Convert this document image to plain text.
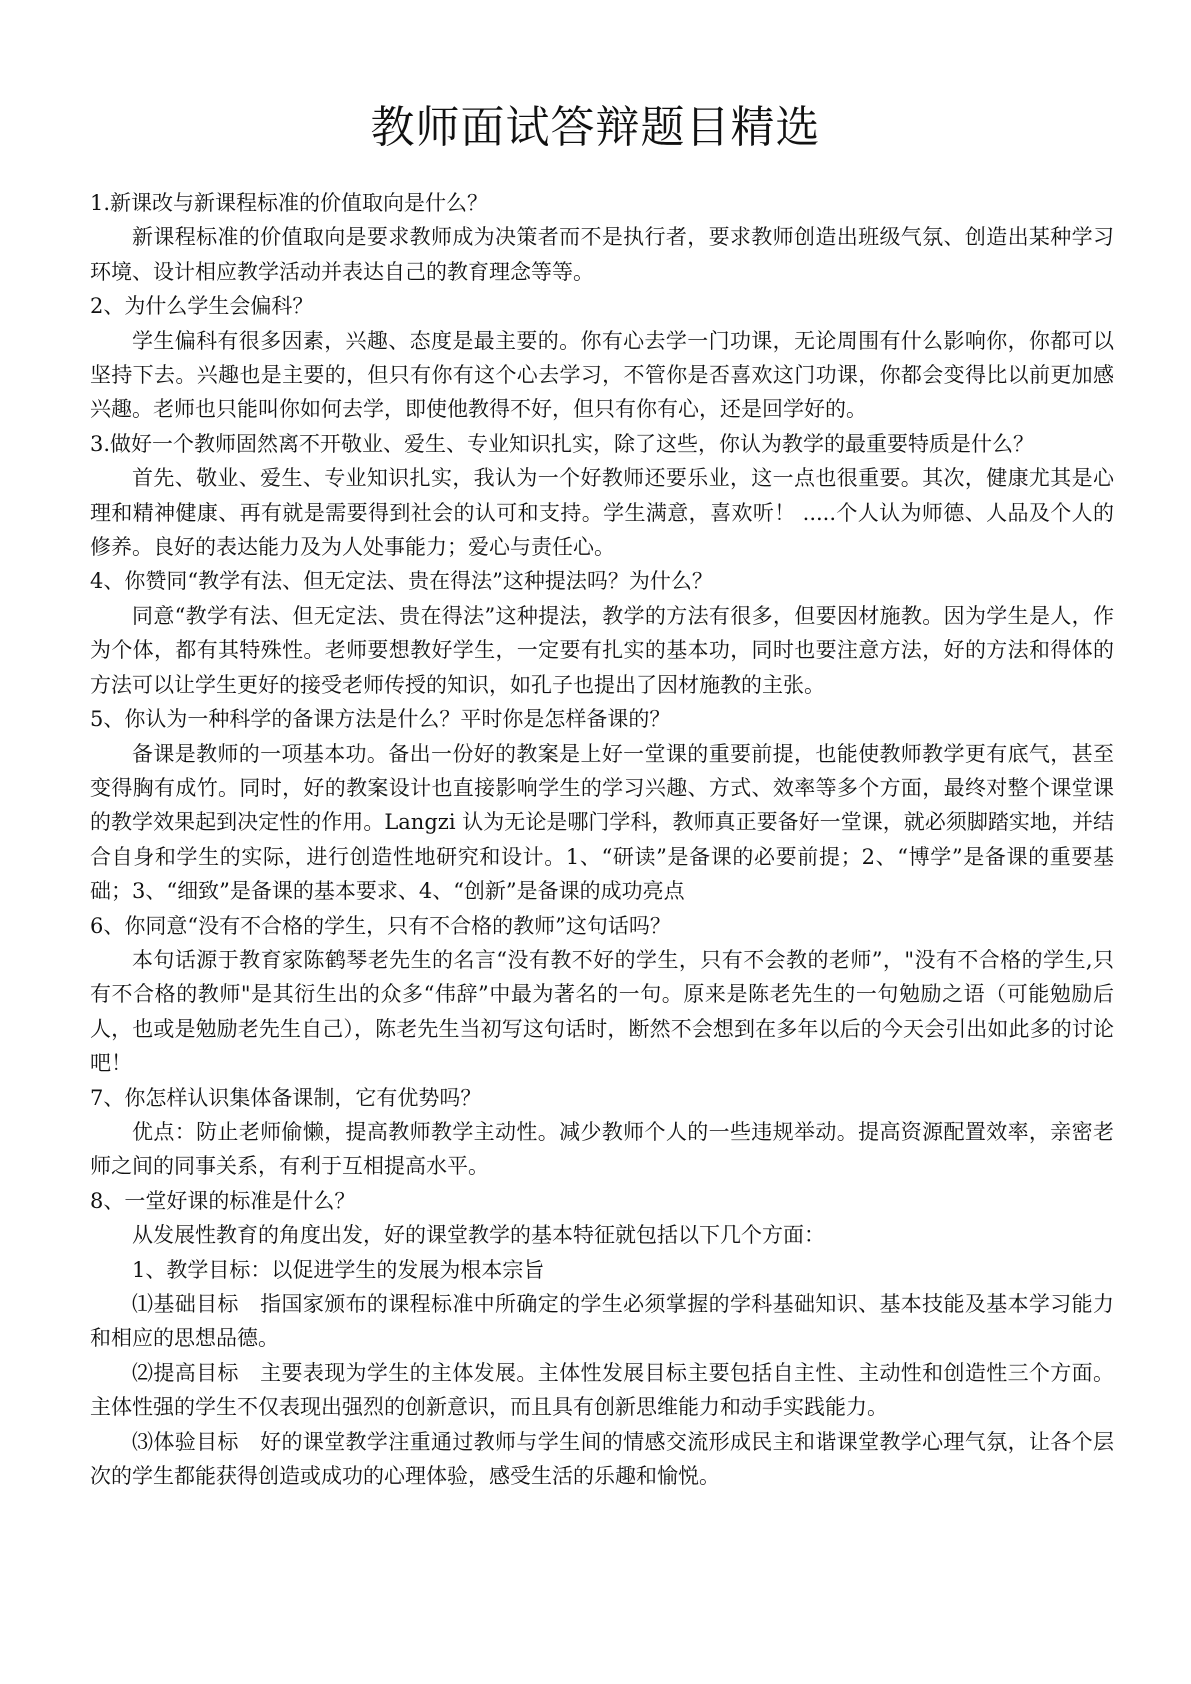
教师面试答辩题目精选

1.新课改与新课程标准的价值取向是什么？

新课程标准的价值取向是要求教师成为决策者而不是执行者，要求教师创造出班级气氛、创造出某种学习环境、设计相应教学活动并表达自己的教育理念等等。

2、为什么学生会偏科？

学生偏科有很多因素，兴趣、态度是最主要的。你有心去学一门功课，无论周围有什么影响你，你都可以坚持下去。兴趣也是主要的，但只有你有这个心去学习，不管你是否喜欢这门功课，你都会变得比以前更加感兴趣。老师也只能叫你如何去学，即使他教得不好，但只有你有心，还是回学好的。

3.做好一个教师固然离不开敬业、爱生、专业知识扎实，除了这些，你认为教学的最重要特质是什么？

首先、敬业、爱生、专业知识扎实，我认为一个好教师还要乐业，这一点也很重要。其次，健康尤其是心理和精神健康、再有就是需要得到社会的认可和支持。学生满意，喜欢听！ .....个人认为师德、人品及个人的修养。良好的表达能力及为人处事能力；爱心与责任心。

4、你赞同“教学有法、但无定法、贵在得法”这种提法吗？为什么？

同意“教学有法、但无定法、贵在得法”这种提法，教学的方法有很多，但要因材施教。因为学生是人，作为个体，都有其特殊性。老师要想教好学生，一定要有扎实的基本功，同时也要注意方法，好的方法和得体的方法可以让学生更好的接受老师传授的知识，如孔子也提出了因材施教的主张。

5、你认为一种科学的备课方法是什么？平时你是怎样备课的？

备课是教师的一项基本功。备出一份好的教案是上好一堂课的重要前提，也能使教师教学更有底气，甚至变得胸有成竹。同时，好的教案设计也直接影响学生的学习兴趣、方式、效率等多个方面，最终对整个课堂课的教学效果起到决定性的作用。Langzi 认为无论是哪门学科，教师真正要备好一堂课，就必须脚踏实地，并结合自身和学生的实际，进行创造性地研究和设计。1、“研读”是备课的必要前提；2、“博学”是备课的重要基础；3、“细致”是备课的基本要求、4、“创新”是备课的成功亮点

6、你同意“没有不合格的学生，只有不合格的教师”这句话吗？

本句话源于教育家陈鹤琴老先生的名言“没有教不好的学生，只有不会教的老师”，"没有不合格的学生,只有不合格的教师"是其衍生出的众多“伟辞”中最为著名的一句。原来是陈老先生的一句勉励之语（可能勉励后人，也或是勉励老先生自己），陈老先生当初写这句话时，断然不会想到在多年以后的今天会引出如此多的讨论吧！

7、你怎样认识集体备课制，它有优势吗？

优点：防止老师偷懒，提高教师教学主动性。减少教师个人的一些违规举动。提高资源配置效率，亲密老师之间的同事关系，有利于互相提高水平。

8、一堂好课的标准是什么？

从发展性教育的角度出发，好的课堂教学的基本特征就包括以下几个方面：

1、教学目标：以促进学生的发展为根本宗旨

⑴基础目标　指国家颁布的课程标准中所确定的学生必须掌握的学科基础知识、基本技能及基本学习能力和相应的思想品德。

⑵提高目标　主要表现为学生的主体发展。主体性发展目标主要包括自主性、主动性和创造性三个方面。主体性强的学生不仅表现出强烈的创新意识，而且具有创新思维能力和动手实践能力。

⑶体验目标　好的课堂教学注重通过教师与学生间的情感交流形成民主和谐课堂教学心理气氛，让各个层次的学生都能获得创造或成功的心理体验，感受生活的乐趣和愉悦。
